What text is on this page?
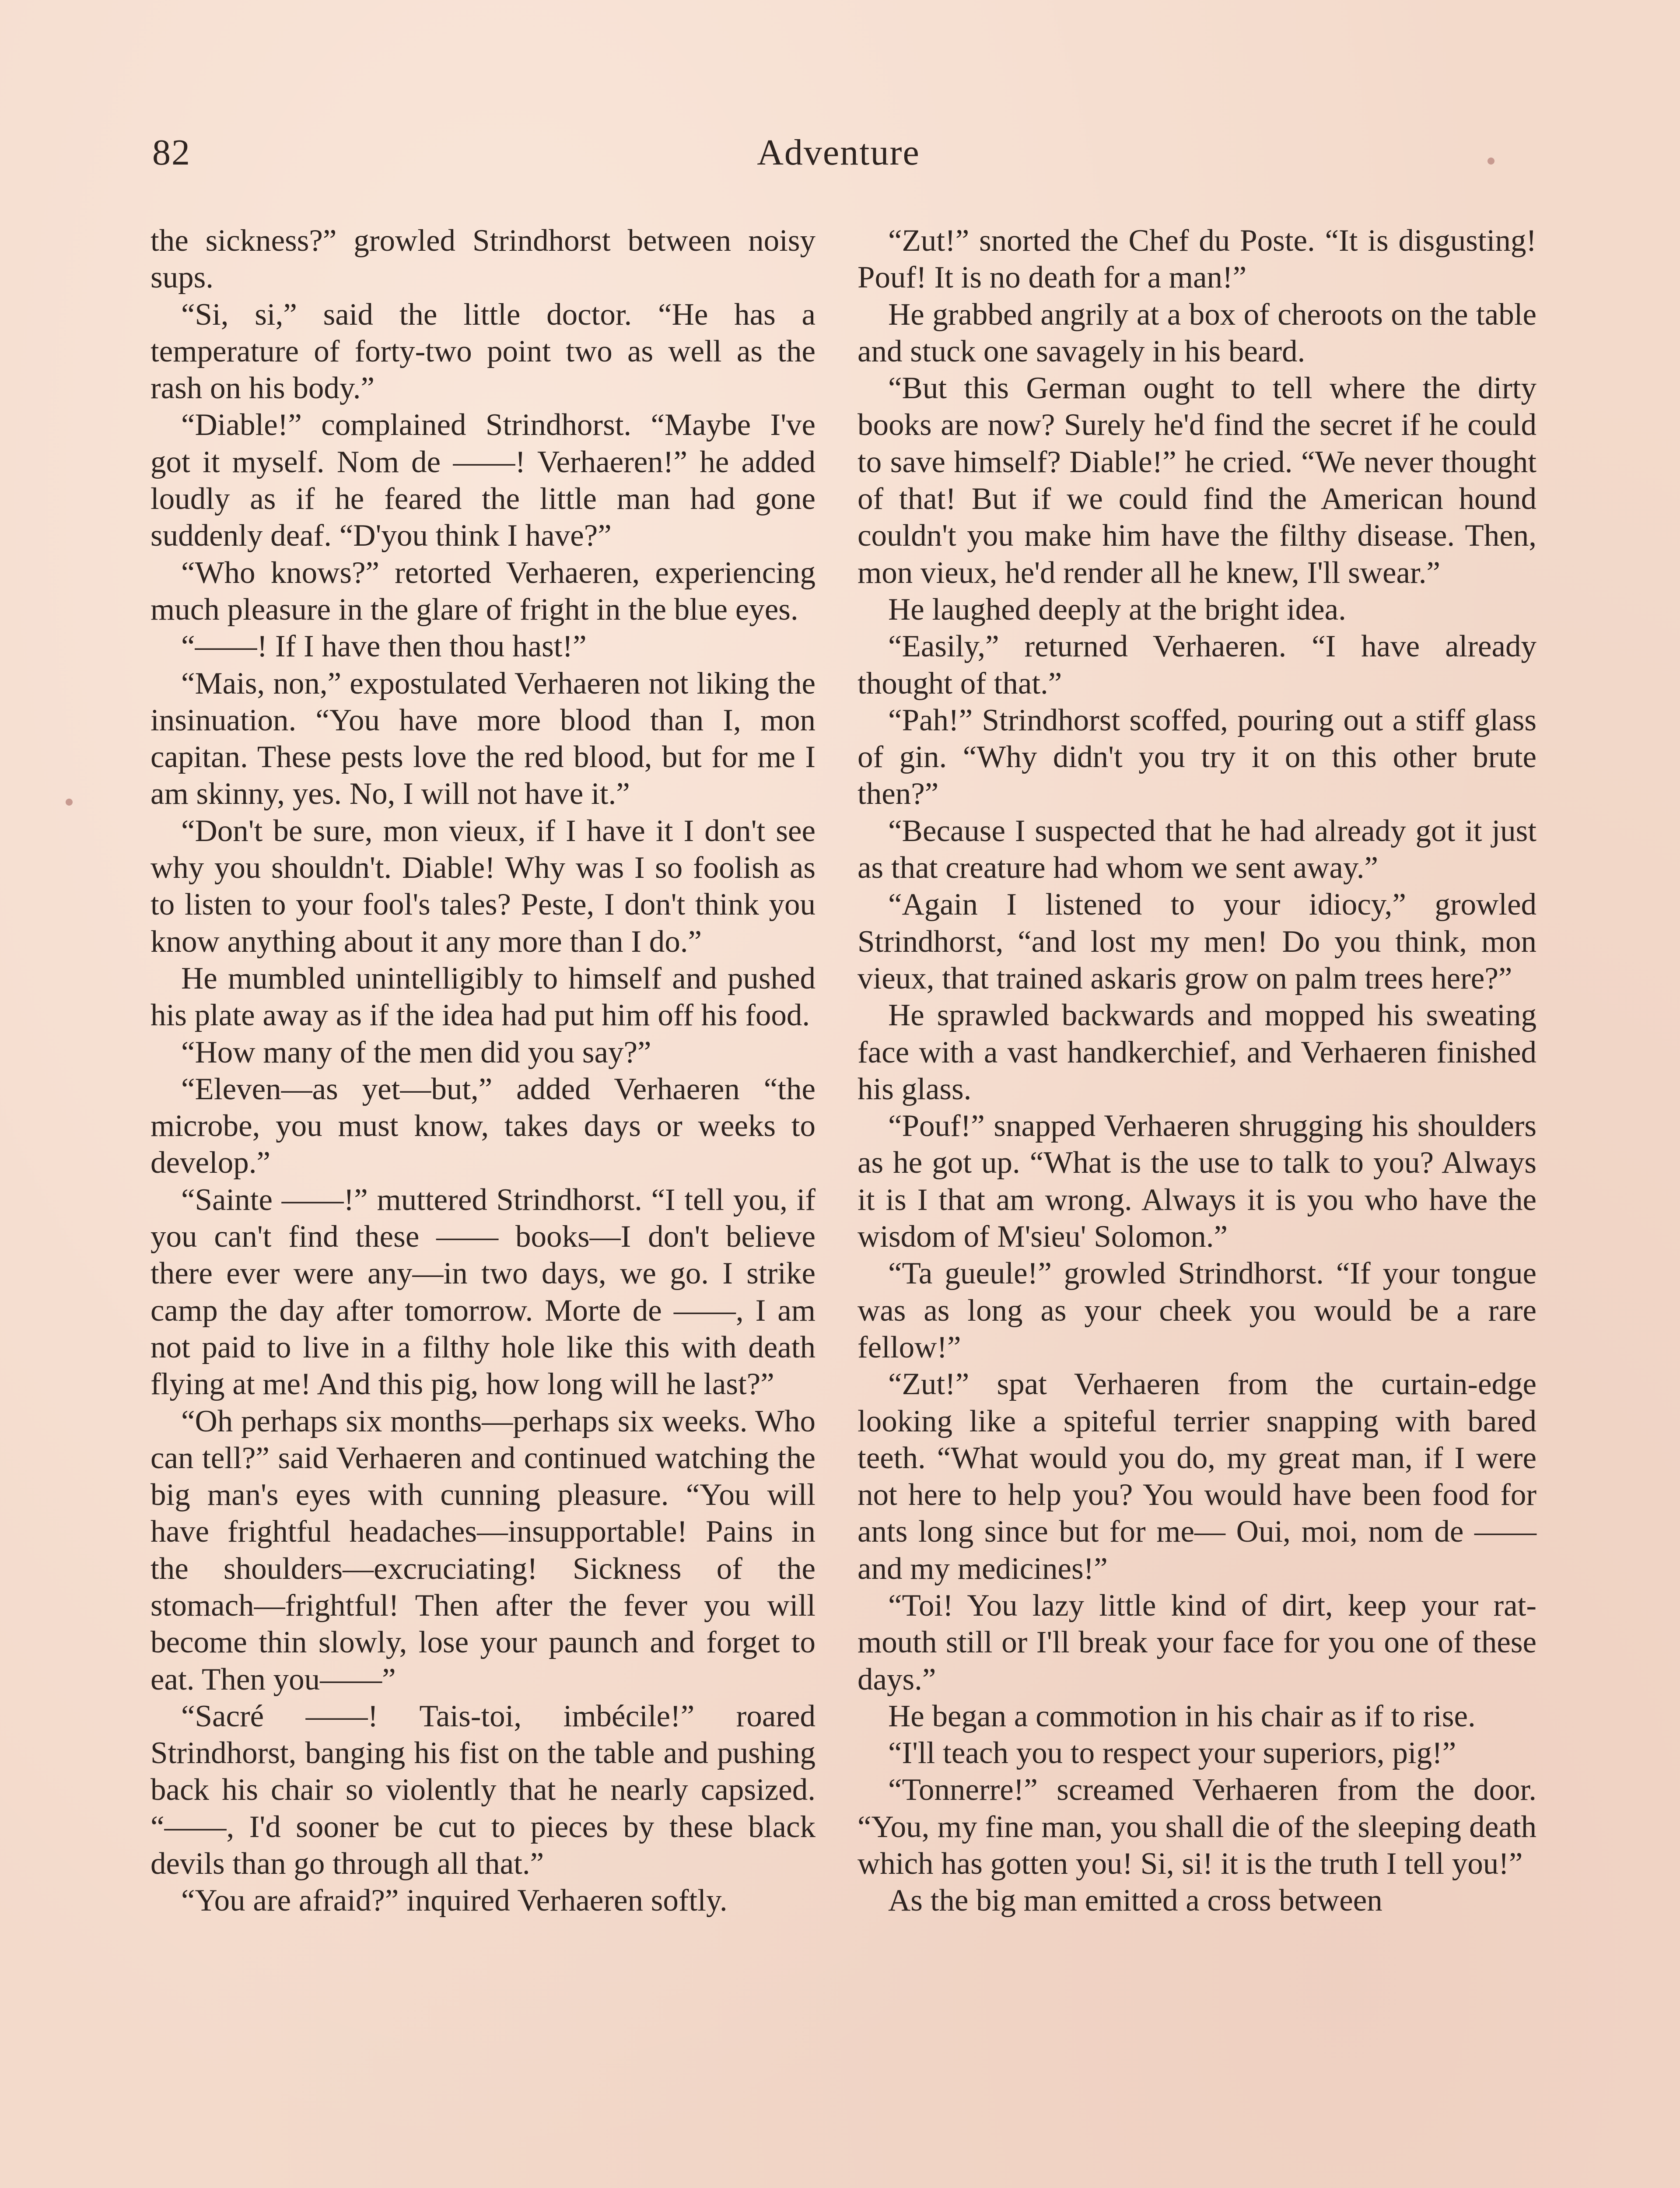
82	Adventure

the sickness?” growled Strindhorst between noisy sups.

“Si, si,” said the little doctor. “He has a temperature of forty-two point two as well as the rash on his body.”

“Diable!” complained Strindhorst. “Maybe I've got it myself. Nom de ——! Verhaeren!” he added loudly as if he feared the little man had gone suddenly deaf. “D'you think I have?”

“Who knows?” retorted Verhaeren, experiencing much pleasure in the glare of fright in the blue eyes.

“——! If I have then thou hast!”

“Mais, non,” expostulated Verhaeren not liking the insinuation. “You have more blood than I, mon capitan. These pests love the red blood, but for me I am skinny, yes. No, I will not have it.”

“Don't be sure, mon vieux, if I have it I don't see why you shouldn't. Diable! Why was I so foolish as to listen to your fool's tales? Peste, I don't think you know anything about it any more than I do.”

He mumbled unintelligibly to himself and pushed his plate away as if the idea had put him off his food.

“How many of the men did you say?”

“Eleven—as yet—but,” added Verhaeren “the microbe, you must know, takes days or weeks to develop.”

“Sainte ——!” muttered Strindhorst. “I tell you, if you can't find these —— books—I don't believe there ever were any—in two days, we go. I strike camp the day after tomorrow. Morte de ——, I am not paid to live in a filthy hole like this with death flying at me! And this pig, how long will he last?”

“Oh perhaps six months—perhaps six weeks. Who can tell?” said Verhaeren and continued watching the big man's eyes with cunning pleasure. “You will have frightful headaches—insupportable! Pains in the shoulders—excruciating! Sickness of the stomach—frightful! Then after the fever you will become thin slowly, lose your paunch and forget to eat. Then you——”

“Sacré ——! Tais-toi, imbécile!” roared Strindhorst, banging his fist on the table and pushing back his chair so violently that he nearly capsized. “——, I'd sooner be cut to pieces by these black devils than go through all that.”

“You are afraid?” inquired Verhaeren softly.

“Zut!” snorted the Chef du Poste. “It is disgusting! Pouf! It is no death for a man!”

He grabbed angrily at a box of cheroots on the table and stuck one savagely in his beard.

“But this German ought to tell where the dirty books are now? Surely he'd find the secret if he could to save himself? Diable!” he cried. “We never thought of that! But if we could find the American hound couldn't you make him have the filthy disease. Then, mon vieux, he'd render all he knew, I'll swear.”

He laughed deeply at the bright idea.

“Easily,” returned Verhaeren. “I have already thought of that.”

“Pah!” Strindhorst scoffed, pouring out a stiff glass of gin. “Why didn't you try it on this other brute then?”

“Because I suspected that he had already got it just as that creature had whom we sent away.”

“Again I listened to your idiocy,” growled Strindhorst, “and lost my men! Do you think, mon vieux, that trained askaris grow on palm trees here?”

He sprawled backwards and mopped his sweating face with a vast handkerchief, and Verhaeren finished his glass.

“Pouf!” snapped Verhaeren shrugging his shoulders as he got up. “What is the use to talk to you? Always it is I that am wrong. Always it is you who have the wisdom of M'sieu' Solomon.”

“Ta gueule!” growled Strindhorst. “If your tongue was as long as your cheek you would be a rare fellow!”

“Zut!” spat Verhaeren from the curtain-edge looking like a spiteful terrier snapping with bared teeth. “What would you do, my great man, if I were not here to help you? You would have been food for ants long since but for me— Oui, moi, nom de —— and my medicines!”

“Toi! You lazy little kind of dirt, keep your rat-mouth still or I'll break your face for you one of these days.”

He began a commotion in his chair as if to rise.

“I'll teach you to respect your superiors, pig!”

“Tonnerre!” screamed Verhaeren from the door. “You, my fine man, you shall die of the sleeping death which has gotten you! Si, si! it is the truth I tell you!”

As the big man emitted a cross between
